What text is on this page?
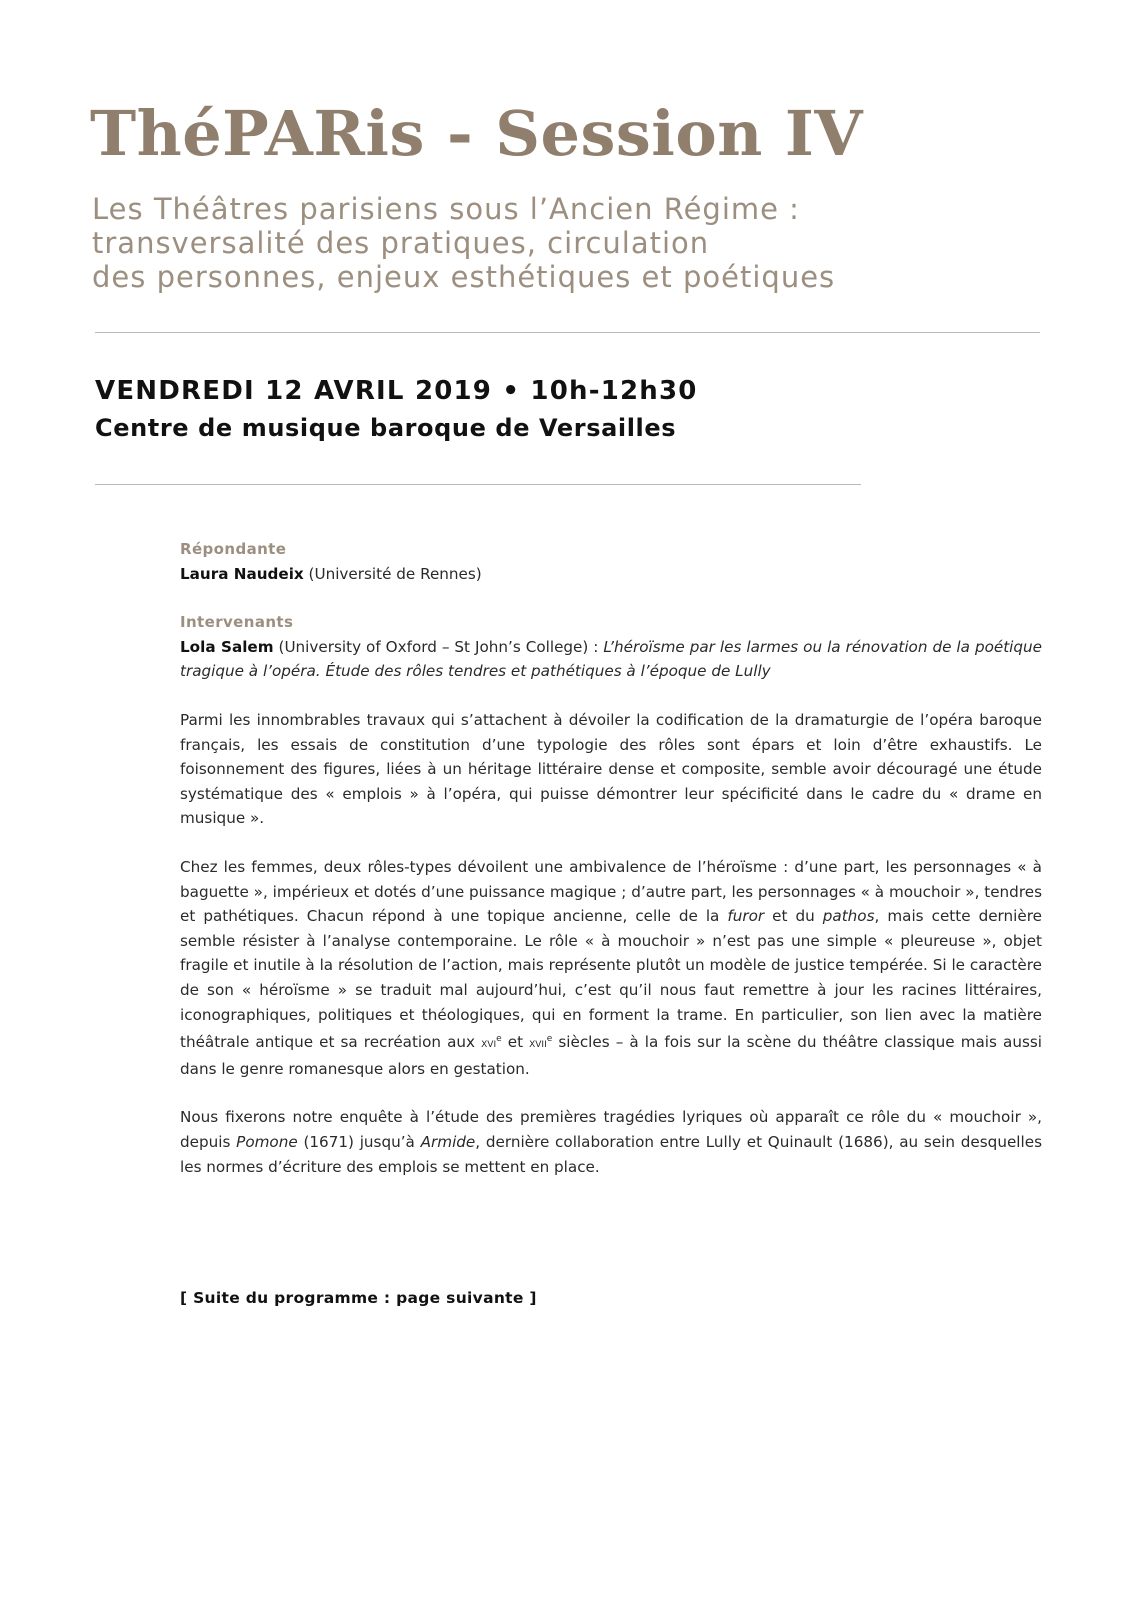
ThéPARis - Session IV
Les Théâtres parisiens sous l’Ancien Régime :
transversalité des pratiques, circulation
des personnes, enjeux esthétiques et poétiques
VENDREDI 12 AVRIL 2019 • 10h-12h30
Centre de musique baroque de Versailles
Répondante
Laura Naudeix (Université de Rennes)
Intervenants
Lola Salem (University of Oxford – St John’s College) : L’héroïsme par les larmes ou la rénovation de la poétique tragique à l’opéra. Étude des rôles tendres et pathétiques à l’époque de Lully

Parmi les innombrables travaux qui s’attachent à dévoiler la codification de la dramaturgie de l’opéra baroque français, les essais de constitution d’une typologie des rôles sont épars et loin d’être exhaustifs. Le foisonnement des figures, liées à un héritage littéraire dense et composite, semble avoir découragé une étude systématique des « emplois » à l’opéra, qui puisse démontrer leur spécificité dans le cadre du « drame en musique ».

Chez les femmes, deux rôles-types dévoilent une ambivalence de l’héroïsme : d’une part, les personnages « à baguette », impérieux et dotés d’une puissance magique ; d’autre part, les personnages « à mouchoir », tendres et pathétiques. Chacun répond à une topique ancienne, celle de la furor et du pathos, mais cette dernière semble résister à l’analyse contemporaine. Le rôle « à mouchoir » n’est pas une simple « pleureuse », objet fragile et inutile à la résolution de l’action, mais représente plutôt un modèle de justice tempérée. Si le caractère de son « héroïsme » se traduit mal aujourd’hui, c’est qu’il nous faut remettre à jour les racines littéraires, iconographiques, politiques et théologiques, qui en forment la trame. En particulier, son lien avec la matière théâtrale antique et sa recréation aux xvi$^e$ et xvii$^e$ siècles – à la fois sur la scène du théâtre classique mais aussi dans le genre romanesque alors en gestation.

Nous fixerons notre enquête à l’étude des premières tragédies lyriques où apparaît ce rôle du « mouchoir », depuis Pomone (1671) jusqu’à Armide, dernière collaboration entre Lully et Quinault (1686), au sein desquelles les normes d’écriture des emplois se mettent en place.

[ Suite du programme : page suivante ]
